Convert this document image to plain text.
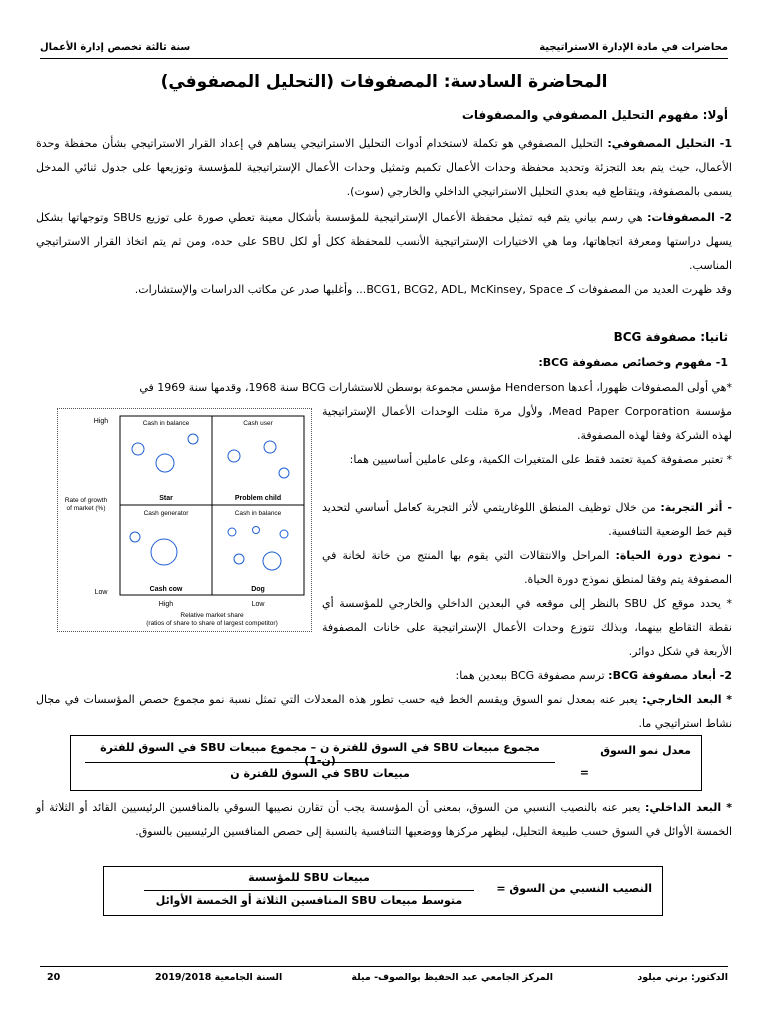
محاضرات في مادة الإدارة الاستراتيجية
سنة ثالثة تخصص إدارة الأعمال
المحاضرة السادسة: المصفوفات (التحليل المصفوفي)
أولا: مفهوم التحليل المصفوفي والمصفوفات
1- التحليل المصفوفي: التحليل المصفوفي هو تكملة لاستخدام أدوات التحليل الاستراتيجي يساهم في إعداد القرار الاستراتيجي بشأن محفظة وحدة الأعمال، حيث يتم بعد التجزئة وتحديد محفظة وحدات الأعمال تكميم وتمثيل وحدات الأعمال الإستراتيجية للمؤسسة وتوزيعها على جدول ثنائي المدخل يسمى بالمصفوفة، ويتقاطع فيه بعدي التحليل الاستراتيجي الداخلي والخارجي (سوت).
2- المصفوفات: هي رسم بياني يتم فيه تمثيل محفظة الأعمال الإستراتيجية للمؤسسة بأشكال معينة تعطي صورة على توزيع SBUs وتوجهاتها بشكل يسهل دراستها ومعرفة اتجاهاتها، وما هي الاختيارات الإستراتيجية الأنسب للمحفظة ككل أو لكل SBU على حده، ومن ثم يتم اتخاذ القرار الاستراتيجي المناسب.
وقد ظهرت العديد من المصفوفات كـ BCG1, BCG2, ADL, McKinsey, Space... وأغلبها صدر عن مكاتب الدراسات والإستشارات.
ثانيا: مصفوفة BCG
1- مفهوم وخصائص مصفوفة BCG:
*هي أولى المصفوفات ظهورا، أعدها Henderson مؤسس مجموعة بوسطن للاستشارات BCG سنة 1968، وقدمها سنة 1969 في
مؤسسة Mead Paper Corporation، ولأول مرة مثلت الوحدات الأعمال الإستراتيجية لهذه الشركة وفقا لهذه المصفوفة.
* تعتبر مصفوفة كمية تعتمد فقط على المتغيرات الكمية، وعلى عاملين أساسيين هما:
- أثر التجربة: من خلال توظيف المنطق اللوغاريتمي لأثر التجربة كعامل أساسي لتحديد قيم خط الوضعية التنافسية.
- نموذج دورة الحياة: المراحل والانتقالات التي يقوم بها المنتج من خانة لخانة في المصفوفة يتم وفقا لمنطق نموذج دورة الحياة.
* يحدد موقع كل SBU بالنظر إلى موقعه في البعدين الداخلي والخارجي للمؤسسة أي نقطة التقاطع بينهما، وبذلك تتوزع وحدات الأعمال الإستراتيجية على خانات المصفوفة الأربعة في شكل دوائر.
2- أبعاد مصفوفة BCG: ترسم مصفوفة BCG ببعدين هما:
* البعد الخارجي: يعبر عنه بمعدل نمو السوق ويقسم الخط فيه حسب تطور هذه المعدلات التي تمثل نسبة نمو مجموع حصص المؤسسات في مجال نشاط استراتيجي ما.
معدل نمو السوق
=
مجموع مبيعات SBU في السوق للفترة ن – مجموع مبيعات SBU في السوق للفترة (ن-1)
مبيعات SBU في السوق للفترة ن
* البعد الداخلي: يعبر عنه بالنصيب النسبي من السوق، بمعنى أن المؤسسة يجب أن تقارن نصيبها السوقي بالمنافسين الرئيسيين القائد أو الثلاثة أو الخمسة الأوائل في السوق حسب طبيعة التحليل، ليظهر مركزها ووضعيها التنافسية بالنسبة إلى حصص المنافسين الرئيسيين بالسوق.
النصيب النسبي من السوق =
مبيعات SBU للمؤسسة
متوسط مبيعات SBU المنافسين الثلاثة أو الخمسة الأوائل
High
Low
Rate of growth
of market (%)
High	Low
Relative market share
(ratios of share to share of largest competitor)
Cash in balance
Star
Cash user
Problem child
Cash generator
Cash cow
Cash in balance
Dog
الدكتور: برني ميلود
المركز الجامعي عبد الحفيظ بوالصوف- ميلة
السنة الجامعية 2019/2018
20
